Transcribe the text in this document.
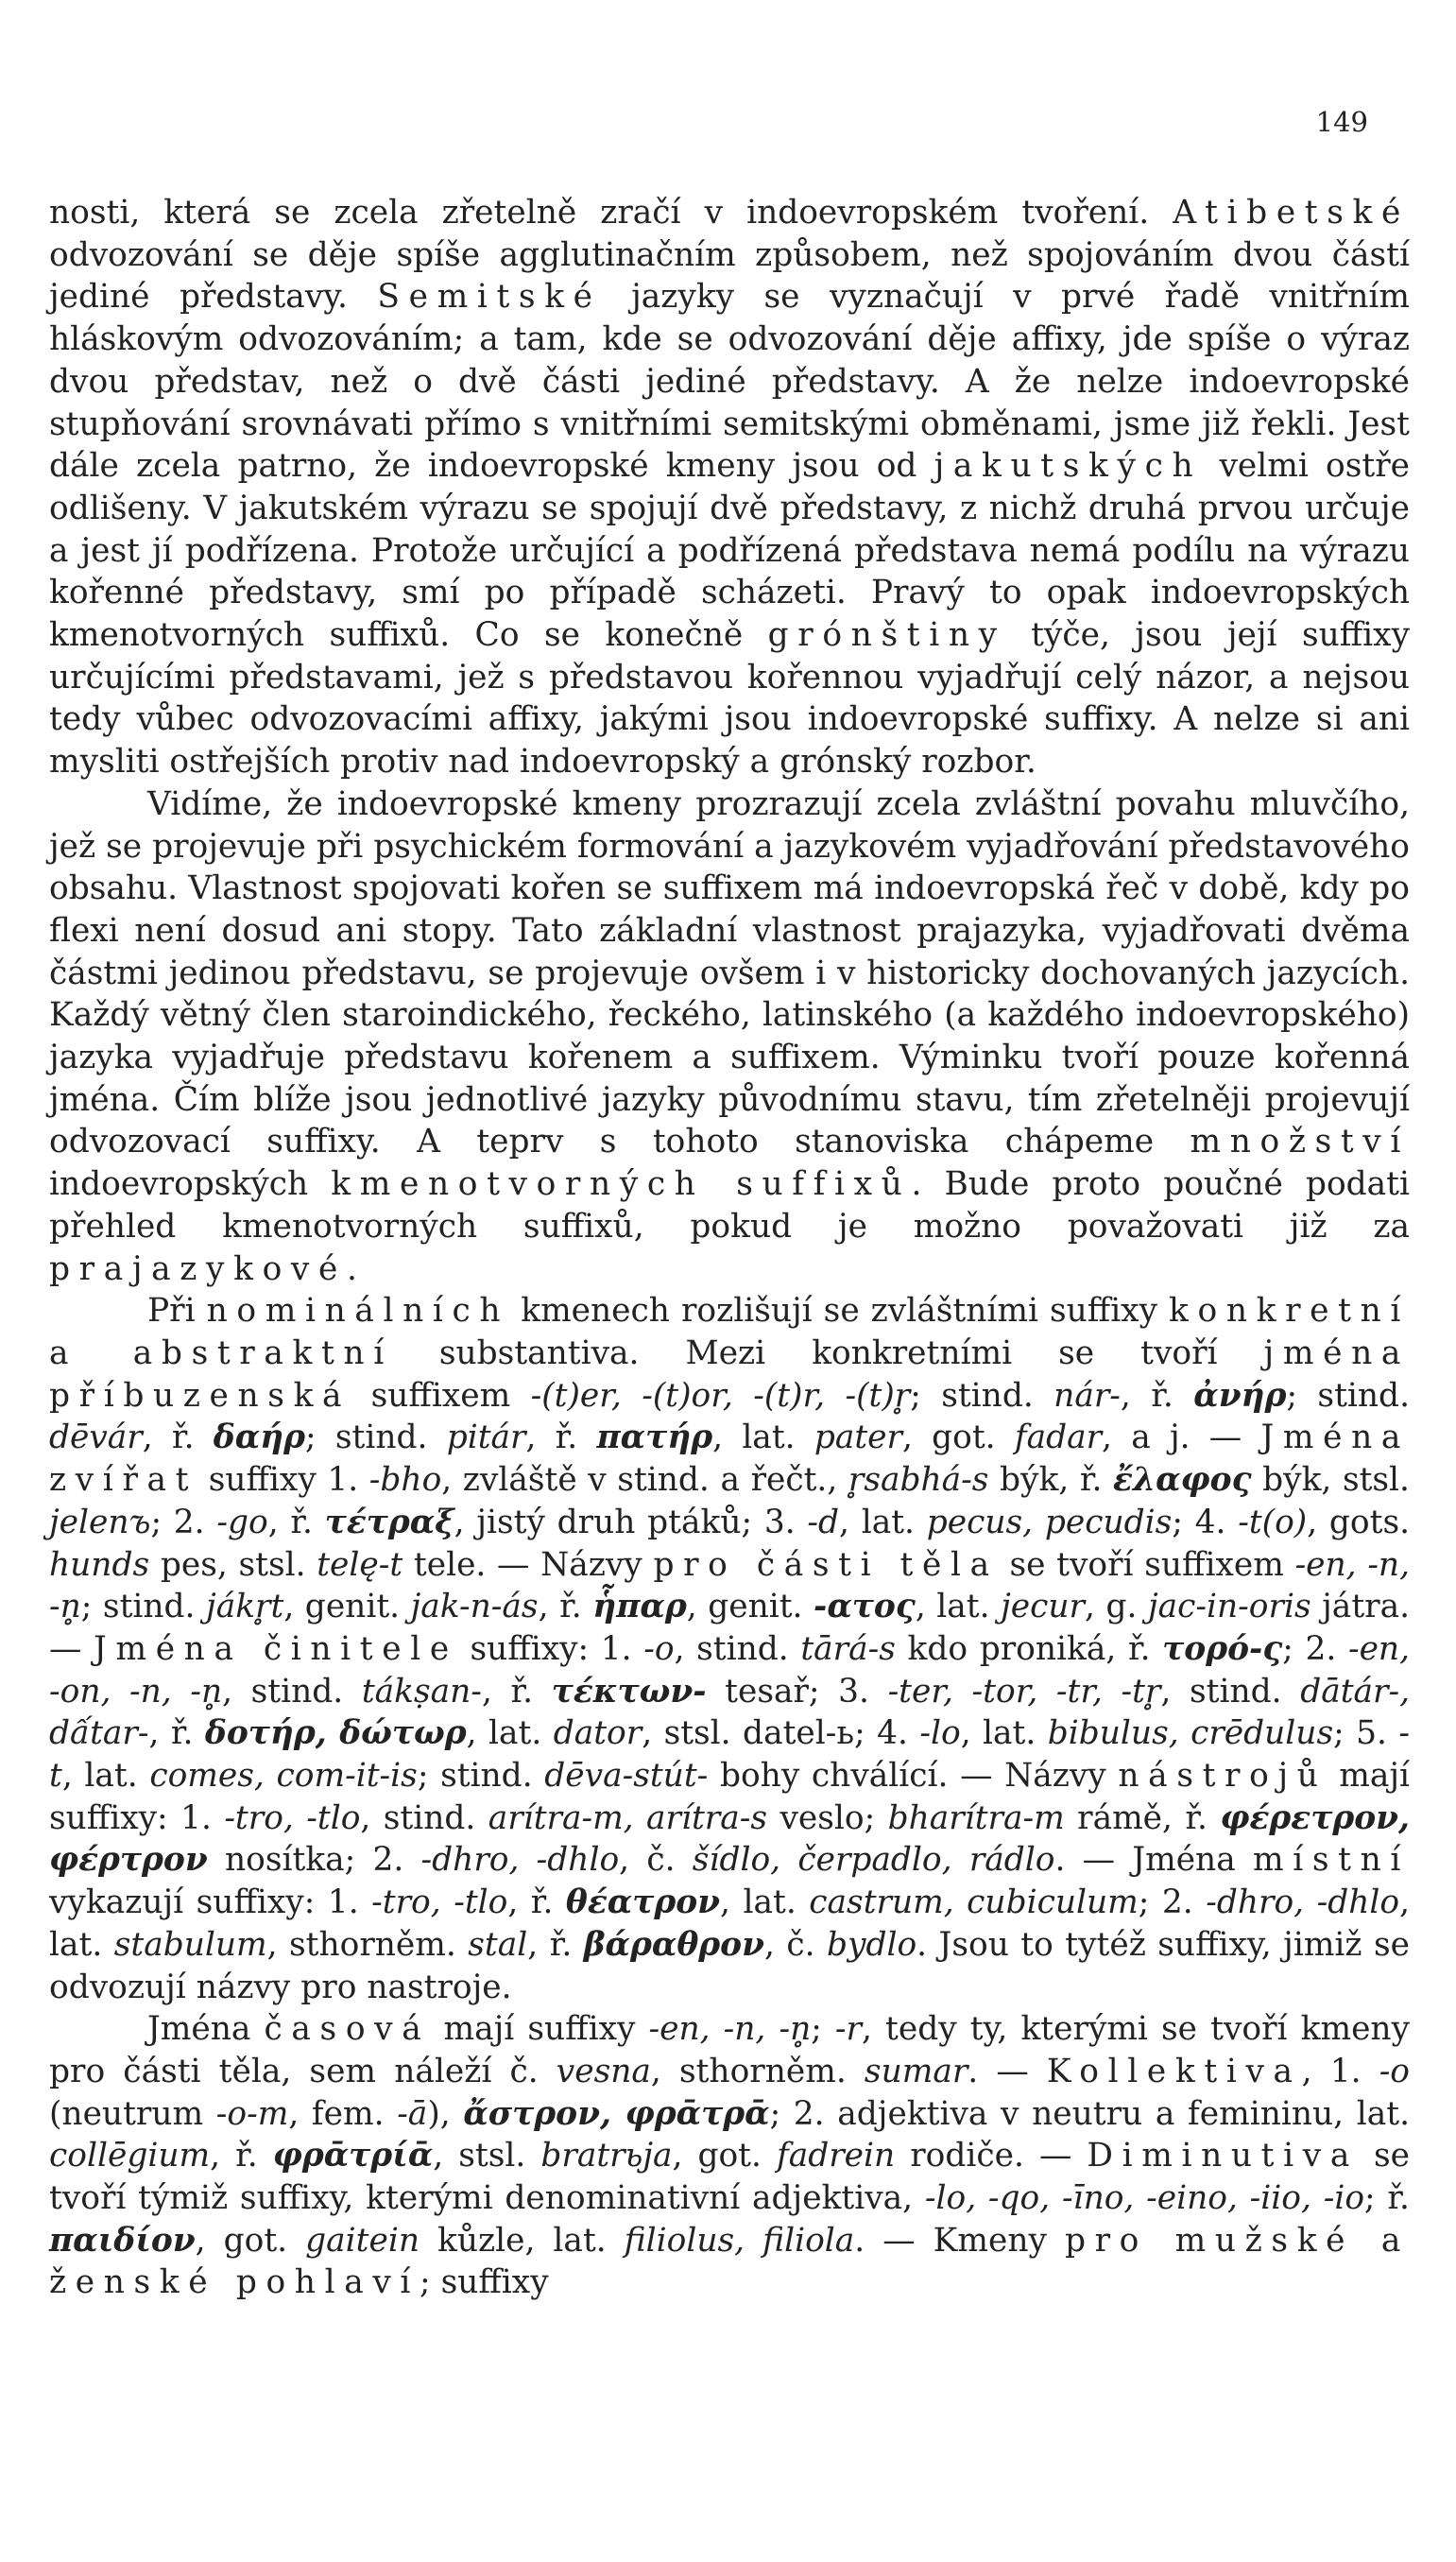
149

nosti, která se zcela zřetelně zračí v indoevropském tvoření. Atibetské odvozování se děje spíše agglutinačním způsobem, než spojováním dvou částí jediné představy. Semitské jazyky se vyznačují v prvé řadě vnitřním hláskovým odvozováním; a tam, kde se odvozování děje affixy, jde spíše o výraz dvou představ, než o dvě části jediné představy. A že nelze indoevropské stupňování srovnávati přímo s vnitřními semitskými obměnami, jsme již řekli. Jest dále zcela patrno, že indoevropské kmeny jsou od jakutských velmi ostře odlišeny. V jakutském výrazu se spojují dvě představy, z nichž druhá prvou určuje a jest jí podřízena. Protože určující a podřízená představa nemá podílu na výrazu kořenné představy, smí po případě scházeti. Pravý to opak indoevropských kmenotvorných suffixů. Co se konečně grónštiny týče, jsou její suffixy určujícími představami, jež s představou kořennou vyjadřují celý názor, a nejsou tedy vůbec odvozovacími affixy, jakými jsou indoevropské suffixy. A nelze si ani mysliti ostřejších protiv nad indoevropský a grónský rozbor.

Vidíme, že indoevropské kmeny prozrazují zcela zvláštní povahu mluvčího, jež se projevuje při psychickém formování a jazykovém vyjadřování představového obsahu. Vlastnost spojovati kořen se suffixem má indoevropská řeč v době, kdy po flexi není dosud ani stopy. Tato základní vlastnost prajazyka, vyjadřovati dvěma částmi jedinou představu, se projevuje ovšem i v historicky dochovaných jazycích. Každý větný člen staroindického, řeckého, latinského (a každého indoevropského) jazyka vyjadřuje představu kořenem a suffixem. Výminku tvoří pouze kořenná jména. Čím blíže jsou jednotlivé jazyky původnímu stavu, tím zřetelněji projevují odvozovací suffixy. A teprv s tohoto stanoviska chápeme množství indoevropských kmenotvorných suffixů. Bude proto poučné podati přehled kmenotvorných suffixů, pokud je možno považovati již za prajazykové.

Při nominálních kmenech rozlišují se zvláštními suffixy konkretní a abstraktní substantiva. Mezi konkretními se tvoří jména příbuzenská suffixem -(t)er, -(t)or, -(t)r, -(t)r̥; stind. nár-, ř. ἀνήρ; stind. dēvár, ř. δαήρ; stind. pitár, ř. πατήρ, lat. pater, got. fadar, a j. — Jména zvířat suffixy 1. -bho, zvláště v stind. a řečt., r̥sabhá-s býk, ř. ἔλαφος býk, stsl. jelenъ; 2. -go, ř. τέτραξ, jistý druh ptáků; 3. -d, lat. pecus, pecudis; 4. -t(o), gots. hunds pes, stsl. telę-t tele. — Názvy pro části těla se tvoří suffixem -en, -n, -n̥; stind. jákr̥t, genit. jak-n-ás, ř. ἧπαρ, genit. -ατος, lat. jecur, g. jac-in-oris játra. — Jména činitele suffixy: 1. -o, stind. tārá-s kdo proniká, ř. τορό-ς; 2. -en, -on, -n, -n̥, stind. tákṣan-, ř. τέκτων- tesař; 3. -ter, -tor, -tr, -tr̥, stind. dātár-, dấtar-, ř. δοτήρ, δώτωρ, lat. dator, stsl. datel-ь; 4. -lo, lat. bibulus, crēdulus; 5. -t, lat. comes, com-it-is; stind. dēva-stút- bohy chválící. — Názvy nástrojů mají suffixy: 1. -tro, -tlo, stind. arítra-m, arítra-s veslo; bharítra-m rámě, ř. φέρετρον, φέρτρον nosítka; 2. -dhro, -dhlo, č. šídlo, čerpadlo, rádlo. — Jména místní vykazují suffixy: 1. -tro, -tlo, ř. θέατρον, lat. castrum, cubiculum; 2. -dhro, -dhlo, lat. stabulum, sthorněm. stal, ř. βάραθρον, č. bydlo. Jsou to tytéž suffixy, jimiž se odvozují názvy pro nastroje.

Jména časová mají suffixy -en, -n, -n̥; -r, tedy ty, kterými se tvoří kmeny pro části těla, sem náleží č. vesna, sthorněm. sumar. — Kollektiva, 1. -o (neutrum -o-m, fem. -ā), ἄστρον, φρᾱτρᾱ; 2. adjektiva v neutru a femininu, lat. collēgium, ř. φρᾱτρίᾱ, stsl. bratrьja, got. fadrein rodiče. — Diminutiva se tvoří týmiž suffixy, kterými denominativní adjektiva, -lo, -qo, -īno, -eino, -iio, -io; ř. παιδίον, got. gaitein kůzle, lat. filiolus, filiola. — Kmeny pro mužské a ženské pohlaví; suffixy
